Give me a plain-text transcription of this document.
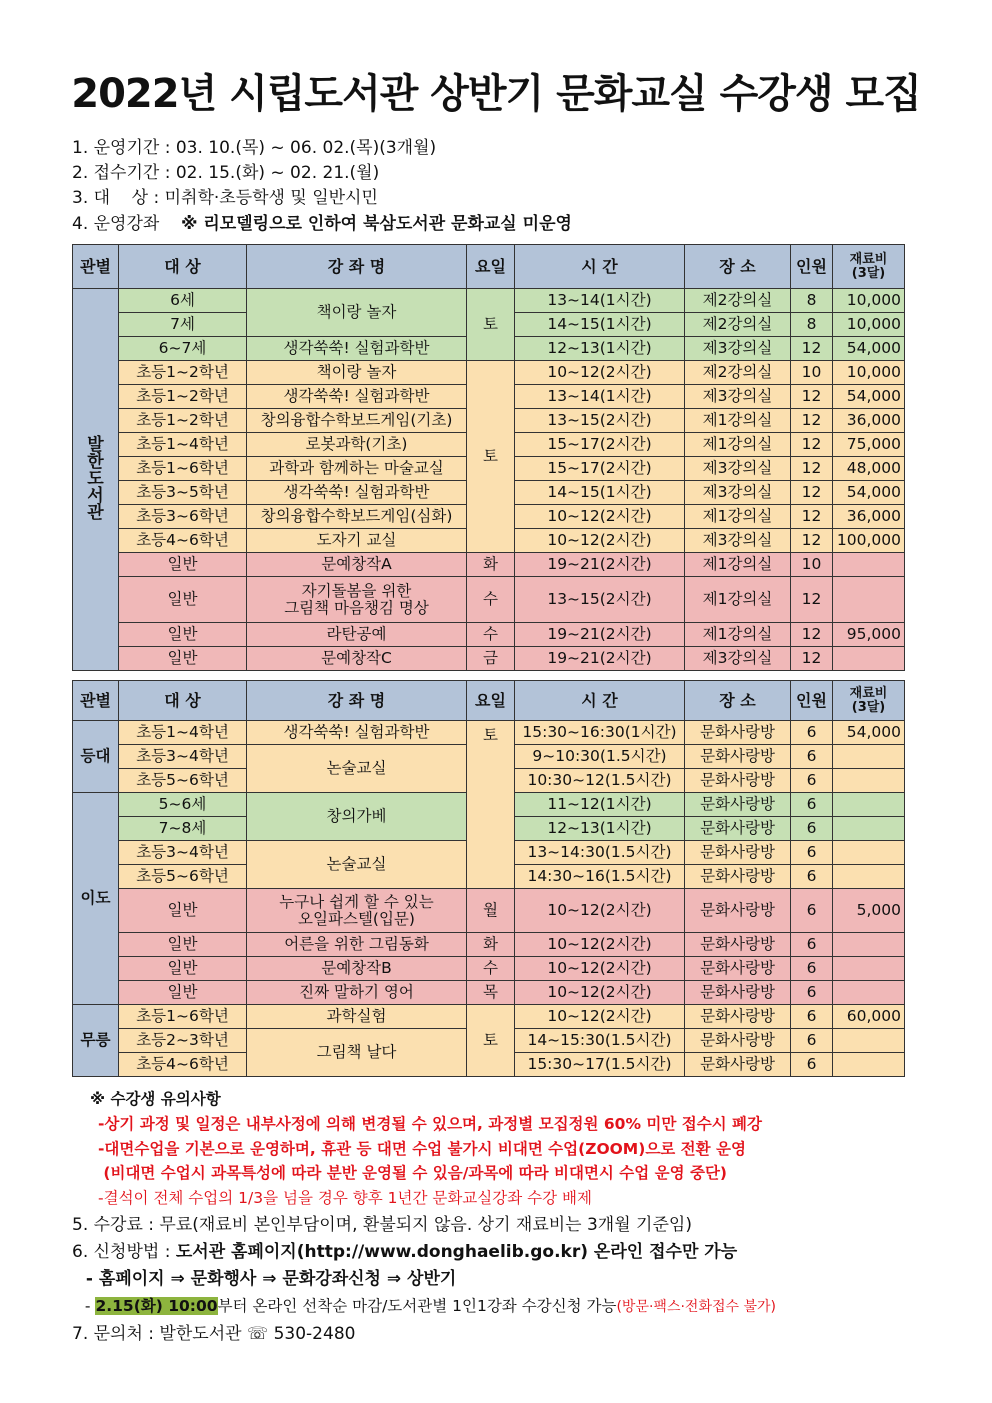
2022년 시립도서관 상반기 문화교실 수강생 모집
1. 운영기간 : 03. 10.(목) ~ 06. 02.(목)(3개월)
2. 접수기간 : 02. 15.(화) ~ 02. 21.(월)
3. 대    상 : 미취학·초등학생 및 일반시민
4. 운영강좌 ※ 리모델링으로 인하여 북삼도서관 문화교실 미운영
관별	대 상	강 좌 명	요일	시 간	장 소	인원	재료비
(3달)

발한도서관	6세	책이랑 놀자	토	13~14(1시간)	제2강의실	8	10,000
	7세			14~15(1시간)	제2강의실	8	10,000
	6~7세	생각쑥쑥! 실험과학반		12~13(1시간)	제3강의실	12	54,000
	초등1~2학년	책이랑 놀자	토	10~12(2시간)	제2강의실	10	10,000
	초등1~2학년	생각쑥쑥! 실험과학반		13~14(1시간)	제3강의실	12	54,000
	초등1~2학년	창의융합수학보드게임(기초)		13~15(2시간)	제1강의실	12	36,000
	초등1~4학년	로봇과학(기초)		15~17(2시간)	제1강의실	12	75,000
	초등1~6학년	과학과 함께하는 마술교실		15~17(2시간)	제3강의실	12	48,000
	초등3~5학년	생각쑥쑥! 실험과학반		14~15(1시간)	제3강의실	12	54,000
	초등3~6학년	창의융합수학보드게임(심화)		10~12(2시간)	제1강의실	12	36,000
	초등4~6학년	도자기 교실		10~12(2시간)	제3강의실	12	100,000
	일반	문예창작A	화	19~21(2시간)	제1강의실	10	
	일반	자기돌봄을 위한
그림책 마음챙김 명상	수	13~15(2시간)	제1강의실	12	
	일반	라탄공예	수	19~21(2시간)	제1강의실	12	95,000
	일반	문예창작C	금	19~21(2시간)	제3강의실	12	
관별	대 상	강 좌 명	요일	시 간	장 소	인원	재료비
(3달)
등대	초등1~4학년	생각쑥쑥! 실험과학반	토	15:30~16:30(1시간)	문화사랑방	6	54,000
	초등3~4학년	논술교실		9~10:30(1.5시간)	문화사랑방	6	
	초등5~6학년			10:30~12(1.5시간)	문화사랑방	6	
이도	5~6세	창의가베		11~12(1시간)	문화사랑방	6	
	7~8세			12~13(1시간)	문화사랑방	6	
	초등3~4학년	논술교실		13~14:30(1.5시간)	문화사랑방	6	
	초등5~6학년			14:30~16(1.5시간)	문화사랑방	6	
	일반	누구나 쉽게 할 수 있는
오일파스텔(입문)	월	10~12(2시간)	문화사랑방	6	5,000
	일반	어른을 위한 그림동화	화	10~12(2시간)	문화사랑방	6	
	일반	문예창작B	수	10~12(2시간)	문화사랑방	6	
	일반	진짜 말하기 영어	목	10~12(2시간)	문화사랑방	6	
무릉	초등1~6학년	과학실험	토	10~12(2시간)	문화사랑방	6	60,000
	초등2~3학년	그림책 날다		14~15:30(1.5시간)	문화사랑방	6	
	초등4~6학년			15:30~17(1.5시간)	문화사랑방	6	
※ 수강생 유의사항
-상기 과정 및 일정은 내부사정에 의해 변경될 수 있으며, 과정별 모집정원 60% 미만 접수시 폐강
-대면수업을 기본으로 운영하며, 휴관 등 대면 수업 불가시 비대면 수업(ZOOM)으로 전환 운영
(비대면 수업시 과목특성에 따라 분반 운영될 수 있음/과목에 따라 비대면시 수업 운영 중단)
-결석이 전체 수업의 1/3을 넘을 경우 향후 1년간 문화교실강좌 수강 배제
5. 수강료 : 무료(재료비 본인부담이며, 환불되지 않음. 상기 재료비는 3개월 기준임)
6. 신청방법 : 도서관 홈페이지(http://www.donghaelib.go.kr) 온라인 접수만 가능
- 홈페이지 ⇒ 문화행사 ⇒ 문화강좌신청 ⇒ 상반기
- 2.15(화) 10:00부터 온라인 선착순 마감/도서관별 1인1강좌 수강신청 가능(방문·팩스·전화접수 불가)
7. 문의처 : 발한도서관 ☏ 530-2480
